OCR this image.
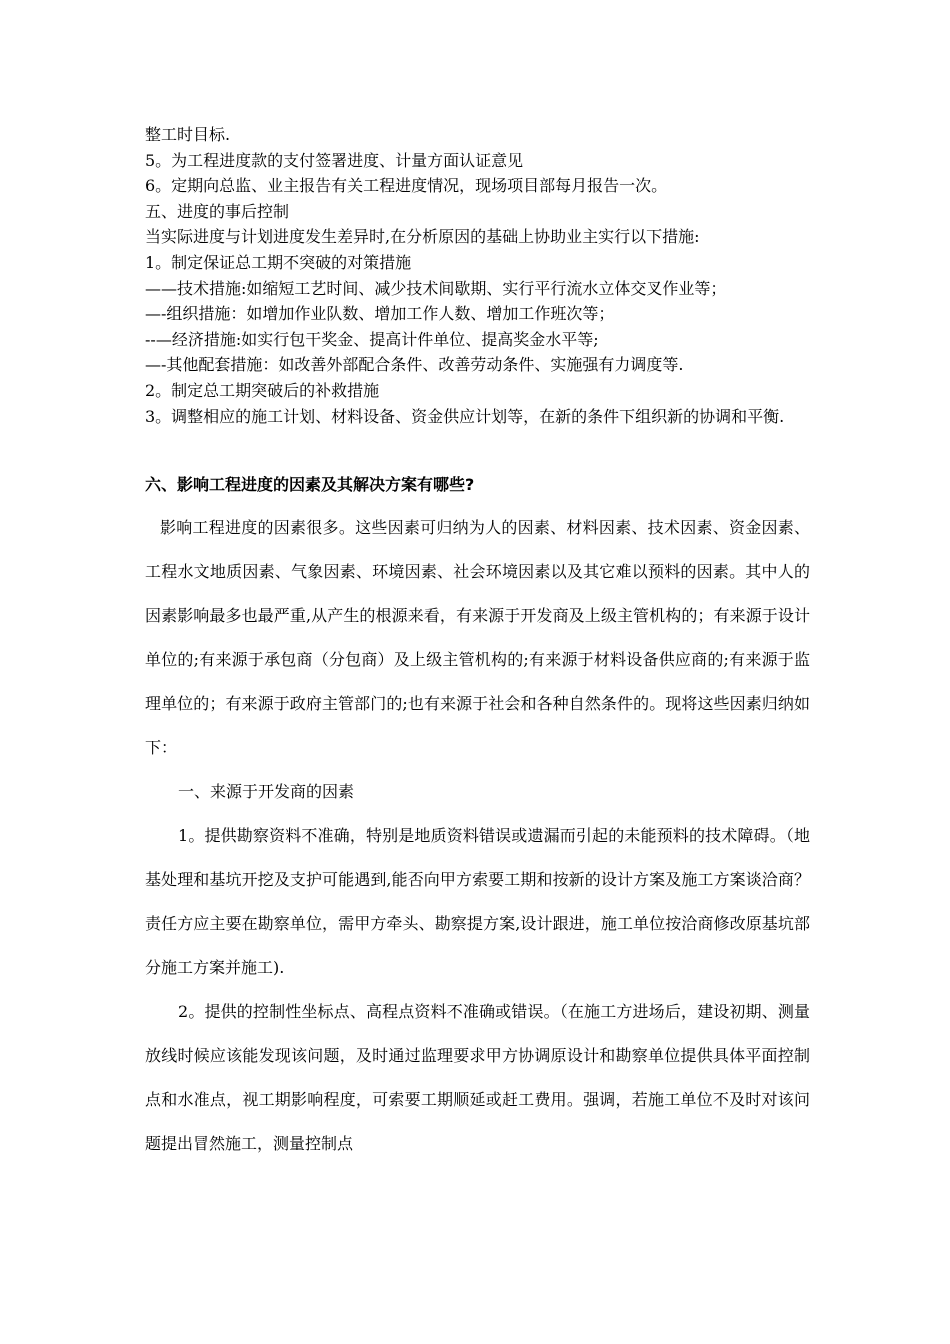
整工时目标.

5。为工程进度款的支付签署进度、计量方面认证意见

6。定期向总监、业主报告有关工程进度情况，现场项目部每月报告一次。

五、进度的事后控制

当实际进度与计划进度发生差异时,在分析原因的基础上协助业主实行以下措施:

1。制定保证总工期不突破的对策措施

——技术措施:如缩短工艺时间、减少技术间歇期、实行平行流水立体交叉作业等；

—-组织措施：如增加作业队数、增加工作人数、增加工作班次等；

--—经济措施:如实行包干奖金、提高计件单位、提高奖金水平等;

—-其他配套措施：如改善外部配合条件、改善劳动条件、实施强有力调度等.

2。制定总工期突破后的补救措施

3。调整相应的施工计划、材料设备、资金供应计划等，在新的条件下组织新的协调和平衡.

六、影响工程进度的因素及其解决方案有哪些?

影响工程进度的因素很多。这些因素可归纳为人的因素、材料因素、技术因素、资金因素、工程水文地质因素、气象因素、环境因素、社会环境因素以及其它难以预料的因素。其中人的因素影响最多也最严重,从产生的根源来看，有来源于开发商及上级主管机构的；有来源于设计单位的;有来源于承包商（分包商）及上级主管机构的;有来源于材料设备供应商的;有来源于监理单位的；有来源于政府主管部门的;也有来源于社会和各种自然条件的。现将这些因素归纳如下：

一、来源于开发商的因素

1。提供勘察资料不准确，特别是地质资料错误或遗漏而引起的未能预料的技术障碍。（地基处理和基坑开挖及支护可能遇到,能否向甲方索要工期和按新的设计方案及施工方案谈洽商？责任方应主要在勘察单位，需甲方牵头、勘察提方案,设计跟进，施工单位按洽商修改原基坑部分施工方案并施工).

2。提供的控制性坐标点、高程点资料不准确或错误。（在施工方进场后，建设初期、测量放线时候应该能发现该问题，及时通过监理要求甲方协调原设计和勘察单位提供具体平面控制点和水准点，视工期影响程度，可索要工期顺延或赶工费用。强调，若施工单位不及时对该问题提出冒然施工，测量控制点
